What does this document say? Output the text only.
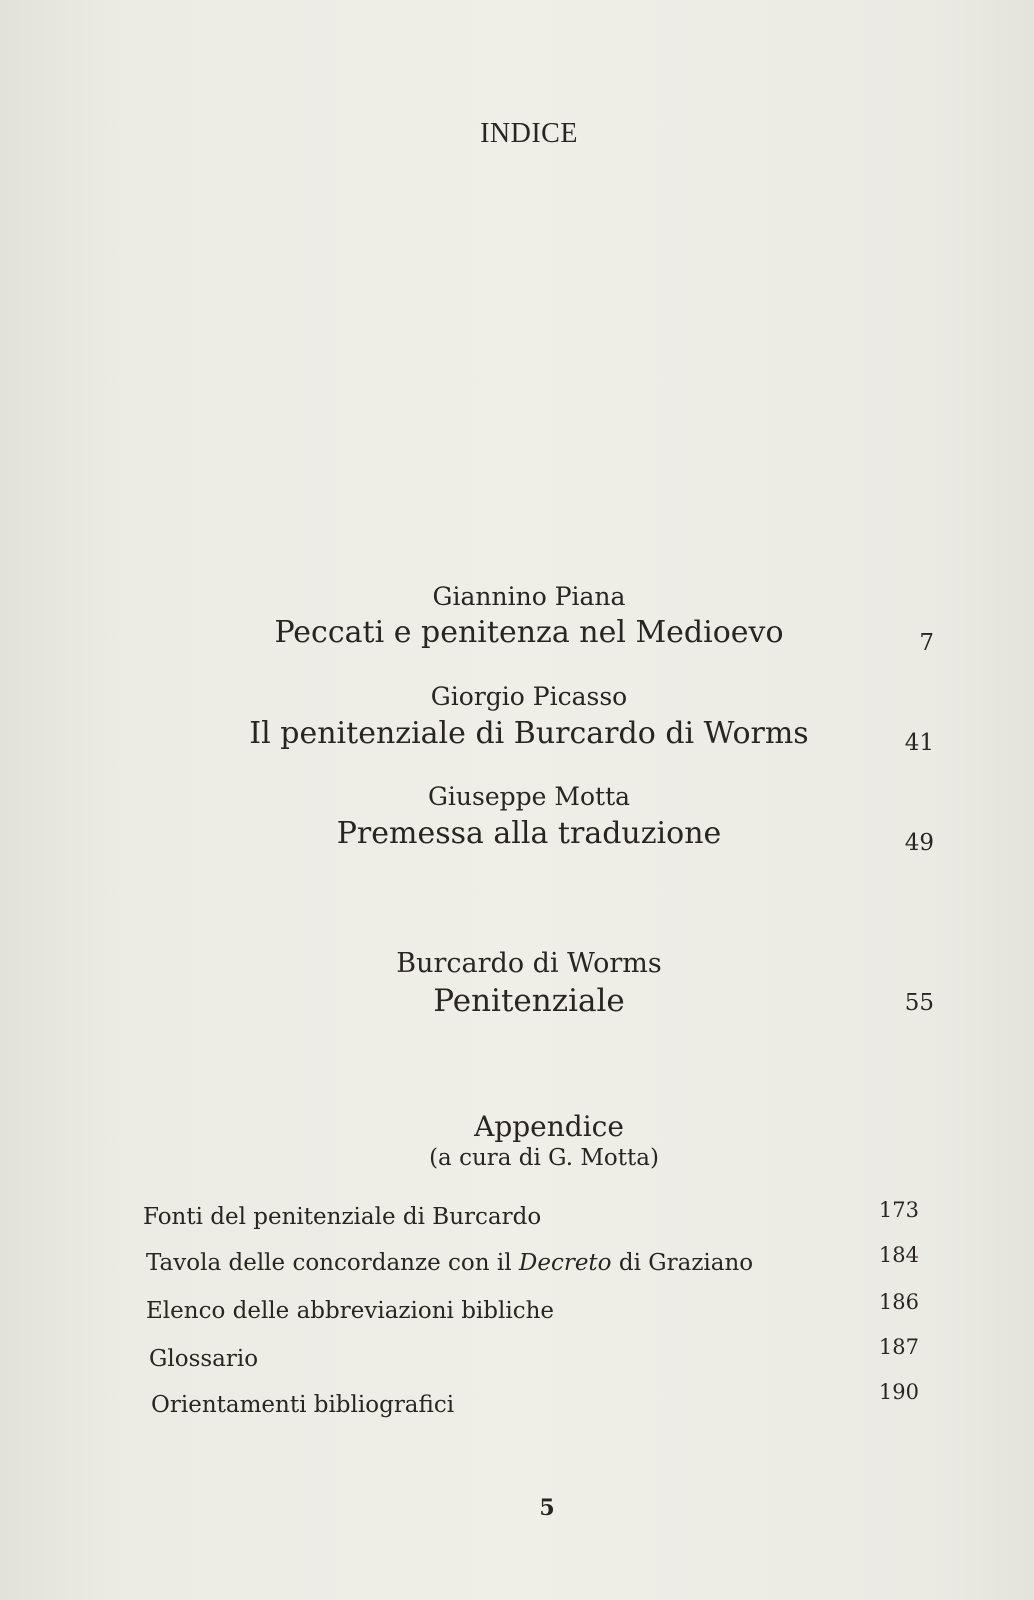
INDICE
Giannino Piana
Peccati e penitenza nel Medioevo	7
Giorgio Picasso
Il penitenziale di Burcardo di Worms	41
Giuseppe Motta
Premessa alla traduzione	49
Burcardo di Worms
Penitenziale	55
Appendice
(a cura di G. Motta)
Fonti del penitenziale di Burcardo	173
Tavola delle concordanze con il Decreto di Graziano	184
Elenco delle abbreviazioni bibliche	186
Glossario	187
Orientamenti bibliografici	190
5
